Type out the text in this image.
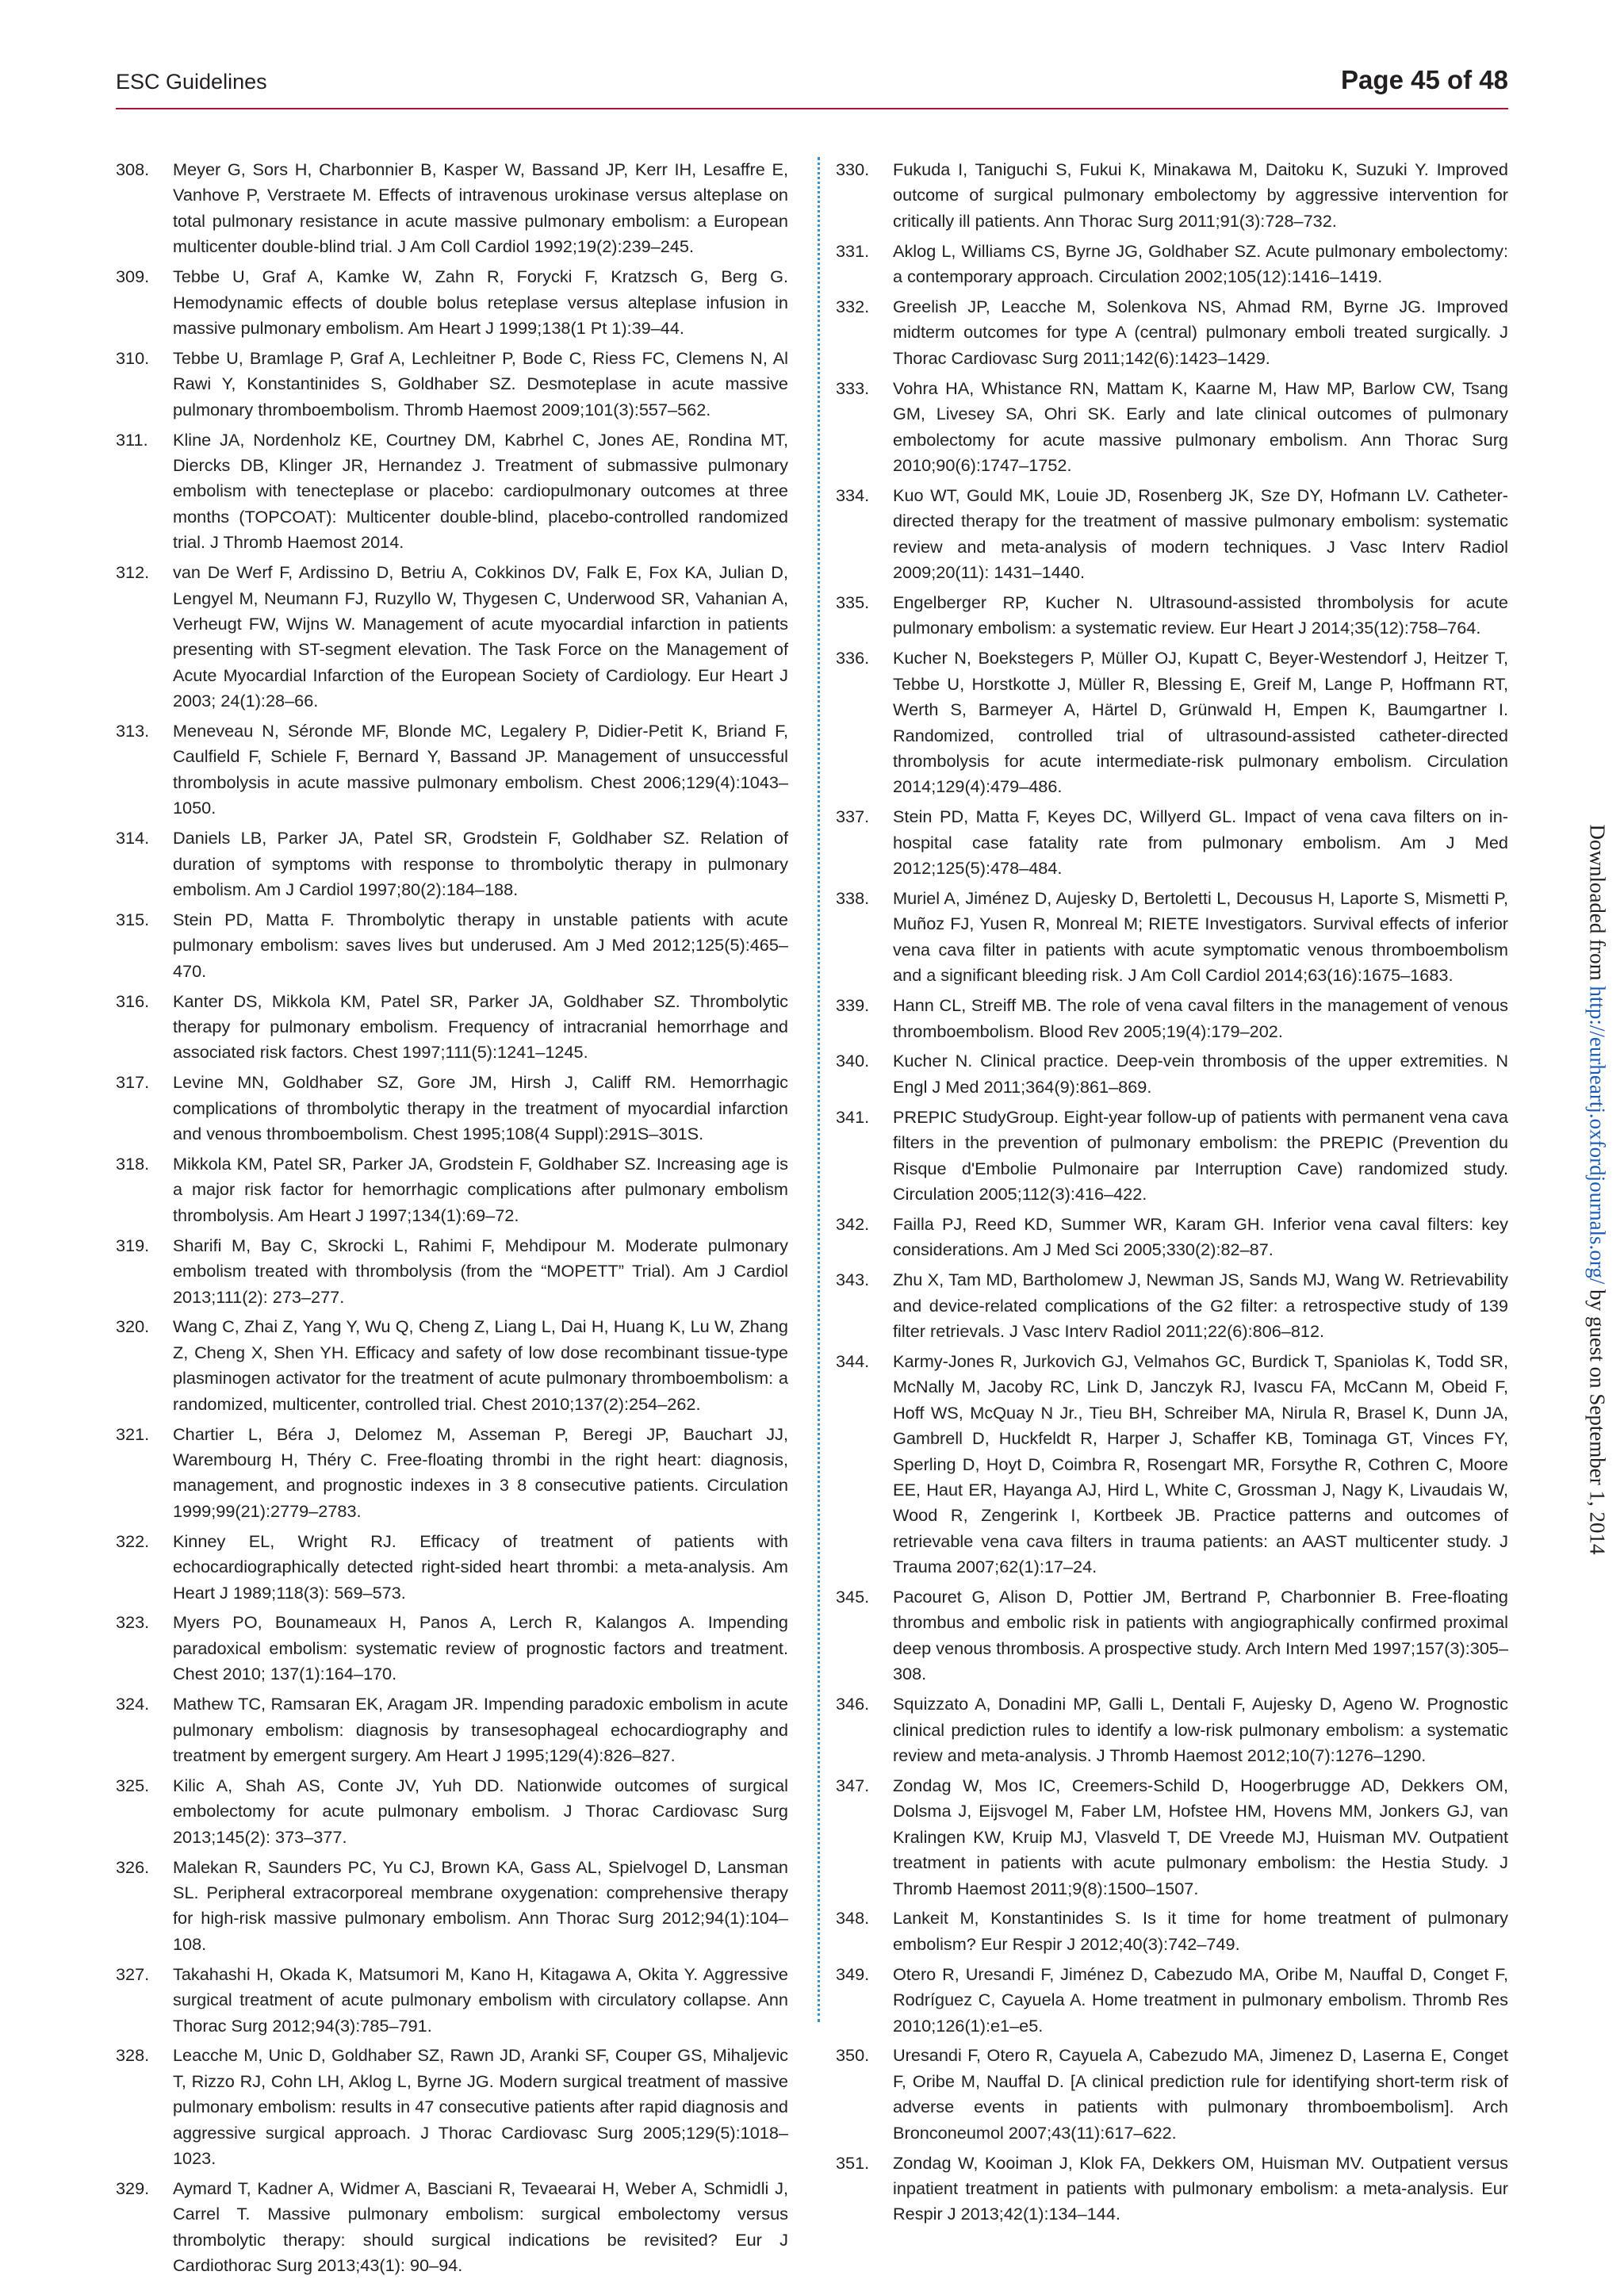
ESC Guidelines	Page 45 of 48
308.	Meyer G, Sors H, Charbonnier B, Kasper W, Bassand JP, Kerr IH, Lesaffre E, Vanhove P, Verstraete M. Effects of intravenous urokinase versus alteplase on total pulmonary resistance in acute massive pulmonary embolism: a European multicenter double-blind trial. J Am Coll Cardiol 1992;19(2):239–245.
309.	Tebbe U, Graf A, Kamke W, Zahn R, Forycki F, Kratzsch G, Berg G. Hemodynamic effects of double bolus reteplase versus alteplase infusion in massive pulmonary embolism. Am Heart J 1999;138(1 Pt 1):39–44.
310.	Tebbe U, Bramlage P, Graf A, Lechleitner P, Bode C, Riess FC, Clemens N, Al Rawi Y, Konstantinides S, Goldhaber SZ. Desmoteplase in acute massive pulmonary thromboembolism. Thromb Haemost 2009;101(3):557–562.
311.	Kline JA, Nordenholz KE, Courtney DM, Kabrhel C, Jones AE, Rondina MT, Diercks DB, Klinger JR, Hernandez J. Treatment of submassive pulmonary embolism with tenecteplase or placebo: cardiopulmonary outcomes at three months (TOPCOAT): Multicenter double-blind, placebo-controlled randomized trial. J Thromb Haemost 2014.
312.	van De Werf F, Ardissino D, Betriu A, Cokkinos DV, Falk E, Fox KA, Julian D, Lengyel M, Neumann FJ, Ruzyllo W, Thygesen C, Underwood SR, Vahanian A, Verheugt FW, Wijns W. Management of acute myocardial infarction in patients presenting with ST-segment elevation. The Task Force on the Management of Acute Myocardial Infarction of the European Society of Cardiology. Eur Heart J 2003; 24(1):28–66.
313.	Meneveau N, Séronde MF, Blonde MC, Legalery P, Didier-Petit K, Briand F, Caulfield F, Schiele F, Bernard Y, Bassand JP. Management of unsuccessful thrombolysis in acute massive pulmonary embolism. Chest 2006;129(4):1043–1050.
314.	Daniels LB, Parker JA, Patel SR, Grodstein F, Goldhaber SZ. Relation of duration of symptoms with response to thrombolytic therapy in pulmonary embolism. Am J Cardiol 1997;80(2):184–188.
315.	Stein PD, Matta F. Thrombolytic therapy in unstable patients with acute pulmonary embolism: saves lives but underused. Am J Med 2012;125(5):465–470.
316.	Kanter DS, Mikkola KM, Patel SR, Parker JA, Goldhaber SZ. Thrombolytic therapy for pulmonary embolism. Frequency of intracranial hemorrhage and associated risk factors. Chest 1997;111(5):1241–1245.
317.	Levine MN, Goldhaber SZ, Gore JM, Hirsh J, Califf RM. Hemorrhagic complications of thrombolytic therapy in the treatment of myocardial infarction and venous thromboembolism. Chest 1995;108(4 Suppl):291S–301S.
318.	Mikkola KM, Patel SR, Parker JA, Grodstein F, Goldhaber SZ. Increasing age is a major risk factor for hemorrhagic complications after pulmonary embolism thrombolysis. Am Heart J 1997;134(1):69–72.
319.	Sharifi M, Bay C, Skrocki L, Rahimi F, Mehdipour M. Moderate pulmonary embolism treated with thrombolysis (from the “MOPETT” Trial). Am J Cardiol 2013;111(2): 273–277.
320.	Wang C, Zhai Z, Yang Y, Wu Q, Cheng Z, Liang L, Dai H, Huang K, Lu W, Zhang Z, Cheng X, Shen YH. Efficacy and safety of low dose recombinant tissue-type plasminogen activator for the treatment of acute pulmonary thromboembolism: a randomized, multicenter, controlled trial. Chest 2010;137(2):254–262.
321.	Chartier L, Béra J, Delomez M, Asseman P, Beregi JP, Bauchart JJ, Warembourg H, Théry C. Free-floating thrombi in the right heart: diagnosis, management, and prognostic indexes in 3 8 consecutive patients. Circulation 1999;99(21):2779–2783.
322.	Kinney EL, Wright RJ. Efficacy of treatment of patients with echocardiographically detected right-sided heart thrombi: a meta-analysis. Am Heart J 1989;118(3): 569–573.
323.	Myers PO, Bounameaux H, Panos A, Lerch R, Kalangos A. Impending paradoxical embolism: systematic review of prognostic factors and treatment. Chest 2010; 137(1):164–170.
324.	Mathew TC, Ramsaran EK, Aragam JR. Impending paradoxic embolism in acute pulmonary embolism: diagnosis by transesophageal echocardiography and treatment by emergent surgery. Am Heart J 1995;129(4):826–827.
325.	Kilic A, Shah AS, Conte JV, Yuh DD. Nationwide outcomes of surgical embolectomy for acute pulmonary embolism. J Thorac Cardiovasc Surg 2013;145(2): 373–377.
326.	Malekan R, Saunders PC, Yu CJ, Brown KA, Gass AL, Spielvogel D, Lansman SL. Peripheral extracorporeal membrane oxygenation: comprehensive therapy for high-risk massive pulmonary embolism. Ann Thorac Surg 2012;94(1):104–108.
327.	Takahashi H, Okada K, Matsumori M, Kano H, Kitagawa A, Okita Y. Aggressive surgical treatment of acute pulmonary embolism with circulatory collapse. Ann Thorac Surg 2012;94(3):785–791.
328.	Leacche M, Unic D, Goldhaber SZ, Rawn JD, Aranki SF, Couper GS, Mihaljevic T, Rizzo RJ, Cohn LH, Aklog L, Byrne JG. Modern surgical treatment of massive pulmonary embolism: results in 47 consecutive patients after rapid diagnosis and aggressive surgical approach. J Thorac Cardiovasc Surg 2005;129(5):1018–1023.
329.	Aymard T, Kadner A, Widmer A, Basciani R, Tevaearai H, Weber A, Schmidli J, Carrel T. Massive pulmonary embolism: surgical embolectomy versus thrombolytic therapy: should surgical indications be revisited? Eur J Cardiothorac Surg 2013;43(1): 90–94.
330.	Fukuda I, Taniguchi S, Fukui K, Minakawa M, Daitoku K, Suzuki Y. Improved outcome of surgical pulmonary embolectomy by aggressive intervention for critically ill patients. Ann Thorac Surg 2011;91(3):728–732.
331.	Aklog L, Williams CS, Byrne JG, Goldhaber SZ. Acute pulmonary embolectomy: a contemporary approach. Circulation 2002;105(12):1416–1419.
332.	Greelish JP, Leacche M, Solenkova NS, Ahmad RM, Byrne JG. Improved midterm outcomes for type A (central) pulmonary emboli treated surgically. J Thorac Cardiovasc Surg 2011;142(6):1423–1429.
333.	Vohra HA, Whistance RN, Mattam K, Kaarne M, Haw MP, Barlow CW, Tsang GM, Livesey SA, Ohri SK. Early and late clinical outcomes of pulmonary embolectomy for acute massive pulmonary embolism. Ann Thorac Surg 2010;90(6):1747–1752.
334.	Kuo WT, Gould MK, Louie JD, Rosenberg JK, Sze DY, Hofmann LV. Catheter-directed therapy for the treatment of massive pulmonary embolism: systematic review and meta-analysis of modern techniques. J Vasc Interv Radiol 2009;20(11): 1431–1440.
335.	Engelberger RP, Kucher N. Ultrasound-assisted thrombolysis for acute pulmonary embolism: a systematic review. Eur Heart J 2014;35(12):758–764.
336.	Kucher N, Boekstegers P, Müller OJ, Kupatt C, Beyer-Westendorf J, Heitzer T, Tebbe U, Horstkotte J, Müller R, Blessing E, Greif M, Lange P, Hoffmann RT, Werth S, Barmeyer A, Härtel D, Grünwald H, Empen K, Baumgartner I. Randomized, controlled trial of ultrasound-assisted catheter-directed thrombolysis for acute intermediate-risk pulmonary embolism. Circulation 2014;129(4):479–486.
337.	Stein PD, Matta F, Keyes DC, Willyerd GL. Impact of vena cava filters on in-hospital case fatality rate from pulmonary embolism. Am J Med 2012;125(5):478–484.
338.	Muriel A, Jiménez D, Aujesky D, Bertoletti L, Decousus H, Laporte S, Mismetti P, Muñoz FJ, Yusen R, Monreal M; RIETE Investigators. Survival effects of inferior vena cava filter in patients with acute symptomatic venous thromboembolism and a significant bleeding risk. J Am Coll Cardiol 2014;63(16):1675–1683.
339.	Hann CL, Streiff MB. The role of vena caval filters in the management of venous thromboembolism. Blood Rev 2005;19(4):179–202.
340.	Kucher N. Clinical practice. Deep-vein thrombosis of the upper extremities. N Engl J Med 2011;364(9):861–869.
341.	PREPIC StudyGroup. Eight-year follow-up of patients with permanent vena cava filters in the prevention of pulmonary embolism: the PREPIC (Prevention du Risque d'Embolie Pulmonaire par Interruption Cave) randomized study. Circulation 2005;112(3):416–422.
342.	Failla PJ, Reed KD, Summer WR, Karam GH. Inferior vena caval filters: key considerations. Am J Med Sci 2005;330(2):82–87.
343.	Zhu X, Tam MD, Bartholomew J, Newman JS, Sands MJ, Wang W. Retrievability and device-related complications of the G2 filter: a retrospective study of 139 filter retrievals. J Vasc Interv Radiol 2011;22(6):806–812.
344.	Karmy-Jones R, Jurkovich GJ, Velmahos GC, Burdick T, Spaniolas K, Todd SR, McNally M, Jacoby RC, Link D, Janczyk RJ, Ivascu FA, McCann M, Obeid F, Hoff WS, McQuay N Jr., Tieu BH, Schreiber MA, Nirula R, Brasel K, Dunn JA, Gambrell D, Huckfeldt R, Harper J, Schaffer KB, Tominaga GT, Vinces FY, Sperling D, Hoyt D, Coimbra R, Rosengart MR, Forsythe R, Cothren C, Moore EE, Haut ER, Hayanga AJ, Hird L, White C, Grossman J, Nagy K, Livaudais W, Wood R, Zengerink I, Kortbeek JB. Practice patterns and outcomes of retrievable vena cava filters in trauma patients: an AAST multicenter study. J Trauma 2007;62(1):17–24.
345.	Pacouret G, Alison D, Pottier JM, Bertrand P, Charbonnier B. Free-floating thrombus and embolic risk in patients with angiographically confirmed proximal deep venous thrombosis. A prospective study. Arch Intern Med 1997;157(3):305–308.
346.	Squizzato A, Donadini MP, Galli L, Dentali F, Aujesky D, Ageno W. Prognostic clinical prediction rules to identify a low-risk pulmonary embolism: a systematic review and meta-analysis. J Thromb Haemost 2012;10(7):1276–1290.
347.	Zondag W, Mos IC, Creemers-Schild D, Hoogerbrugge AD, Dekkers OM, Dolsma J, Eijsvogel M, Faber LM, Hofstee HM, Hovens MM, Jonkers GJ, van Kralingen KW, Kruip MJ, Vlasveld T, DE Vreede MJ, Huisman MV. Outpatient treatment in patients with acute pulmonary embolism: the Hestia Study. J Thromb Haemost 2011;9(8):1500–1507.
348.	Lankeit M, Konstantinides S. Is it time for home treatment of pulmonary embolism? Eur Respir J 2012;40(3):742–749.
349.	Otero R, Uresandi F, Jiménez D, Cabezudo MA, Oribe M, Nauffal D, Conget F, Rodríguez C, Cayuela A. Home treatment in pulmonary embolism. Thromb Res 2010;126(1):e1–e5.
350.	Uresandi F, Otero R, Cayuela A, Cabezudo MA, Jimenez D, Laserna E, Conget F, Oribe M, Nauffal D. [A clinical prediction rule for identifying short-term risk of adverse events in patients with pulmonary thromboembolism]. Arch Bronconeumol 2007;43(11):617–622.
351.	Zondag W, Kooiman J, Klok FA, Dekkers OM, Huisman MV. Outpatient versus inpatient treatment in patients with pulmonary embolism: a meta-analysis. Eur Respir J 2013;42(1):134–144.
Downloaded from http://eurheartj.oxfordjournals.org/ by guest on September 1, 2014
